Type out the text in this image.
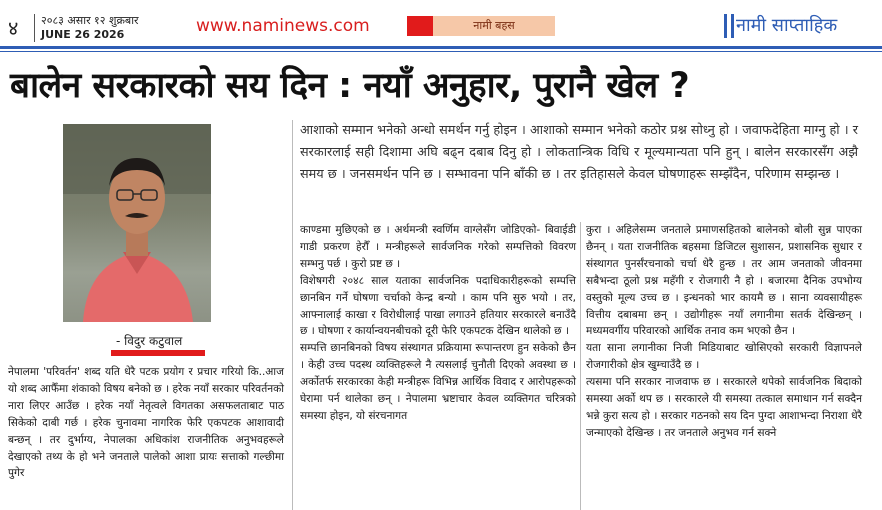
४ २०८३ असार १२ शुक्रबार
JUNE 26 2026	www.naminews.com	नामी बहस	नामी साप्ताहिक
बालेन सरकारको सय दिन : नयाँ अनुहार, पुरानै खेल ?
- विदुर कटुवाल
आशाको सम्मान भनेको अन्धो समर्थन गर्नु होइन । आशाको सम्मान भनेको कठोर प्रश्न सोध्नु हो । जवाफदेहिता माग्नु हो । र सरकारलाई सही दिशामा अघि बढ्न दबाब दिनु हो । लोकतान्त्रिक विधि र मूल्यमान्यता पनि हुन् । बालेन सरकारसँग अझै समय छ । जनसमर्थन पनि छ । सम्भावना पनि बाँकी छ । तर इतिहासले केवल घोषणाहरू सम्झँदैन, परिणाम सम्झन्छ ।

नेपालमा 'परिवर्तन' शब्द यति धेरै पटक प्रयोग र प्रचार गरियो कि..आज यो शब्द आफैँमा शंकाको विषय बनेको छ । हरेक नयाँ सरकार परिवर्तनको नारा लिएर आउँछ । हरेक नयाँ नेतृत्वले विगतका असफलताबाट पाठ सिकेको दाबी गर्छ । हरेक चुनावमा नागरिक फेरि एकपटक आशावादी बन्छन् । तर दुर्भाग्य, नेपालका अधिकांश राजनीतिक अनुभवहरूले देखाएको तथ्य के हो भने जनताले पालेको आशा प्रायः सत्ताको गल्छीमा पुगेर

काण्डमा मुछिएको छ । अर्थमन्त्री स्वर्णिम वाग्लेसँग जोडिएको- बिवाईडी गाडी प्रकरण हेरौँ । मन्त्रीहरूले सार्वजनिक गरेको सम्पत्तिको विवरण सम्भनु पर्छ । कुरो प्रष्ट छ ।

विशेषगरी २०४८ साल यताका सार्वजनिक पदाधिकारीहरूको सम्पत्ति छानबिन गर्ने घोषणा चर्चाको केन्द्र बन्यो । काम पनि सुरु भयो । तर, आफ्नालाई काखा र विरोधीलाई पाखा लगाउने हतियार सरकारले बनाउँदै छ । घोषणा र कार्यान्वयनबीचको दूरी फेरि एकपटक देखिन थालेको छ ।

सम्पत्ति छानबिनको विषय संस्थागत प्रक्रियामा रूपान्तरण हुन सकेको छैन । केही उच्च पदस्थ व्यक्तिहरूले नै त्यसलाई चुनौती दिएको अवस्था छ । अर्कोतर्फ सरकारका केही मन्त्रीहरू विभिन्न आर्थिक विवाद र आरोपहरूको घेरामा पर्न थालेका छन् । नेपालमा भ्रष्टाचार केवल व्यक्तिगत चरित्रको समस्या होइन, यो संरचनागत

कुरा । अहिलेसम्म जनताले प्रमाणसहितको बालेनको बोली सुन्न पाएका छैनन् । यता राजनीतिक बहसमा डिजिटल सुशासन, प्रशासनिक सुधार र संस्थागत पुनर्संरचनाको चर्चा धेरै हुन्छ । तर आम जनताको जीवनमा सबैभन्दा ठूलो प्रश्न महँगी र रोजगारी नै हो । बजारमा दैनिक उपभोग्य वस्तुको मूल्य उच्च छ । इन्धनको भार कायमै छ । साना व्यवसायीहरू वित्तीय दबाबमा छन् । उद्योगीहरू नयाँ लगानीमा सतर्क देखिन्छन् । मध्यमवर्गीय परिवारको आर्थिक तनाव कम भएको छैन ।

यता साना लगानीका निजी मिडियाबाट खोसिएको सरकारी विज्ञापनले रोजगारीको क्षेत्र खुम्चाउँदै छ ।

त्यसमा पनि सरकार नाजवाफ छ । सरकारले थपेको सार्वजनिक बिदाको समस्या अर्को थप छ । सरकारले यी समस्या तत्काल समाधान गर्न सक्दैन भन्ने कुरा सत्य हो । सरकार गठनको सय दिन पुग्दा आशाभन्दा निराशा धेरै जन्माएको देखिन्छ । तर जनताले अनुभव गर्न सक्ने
